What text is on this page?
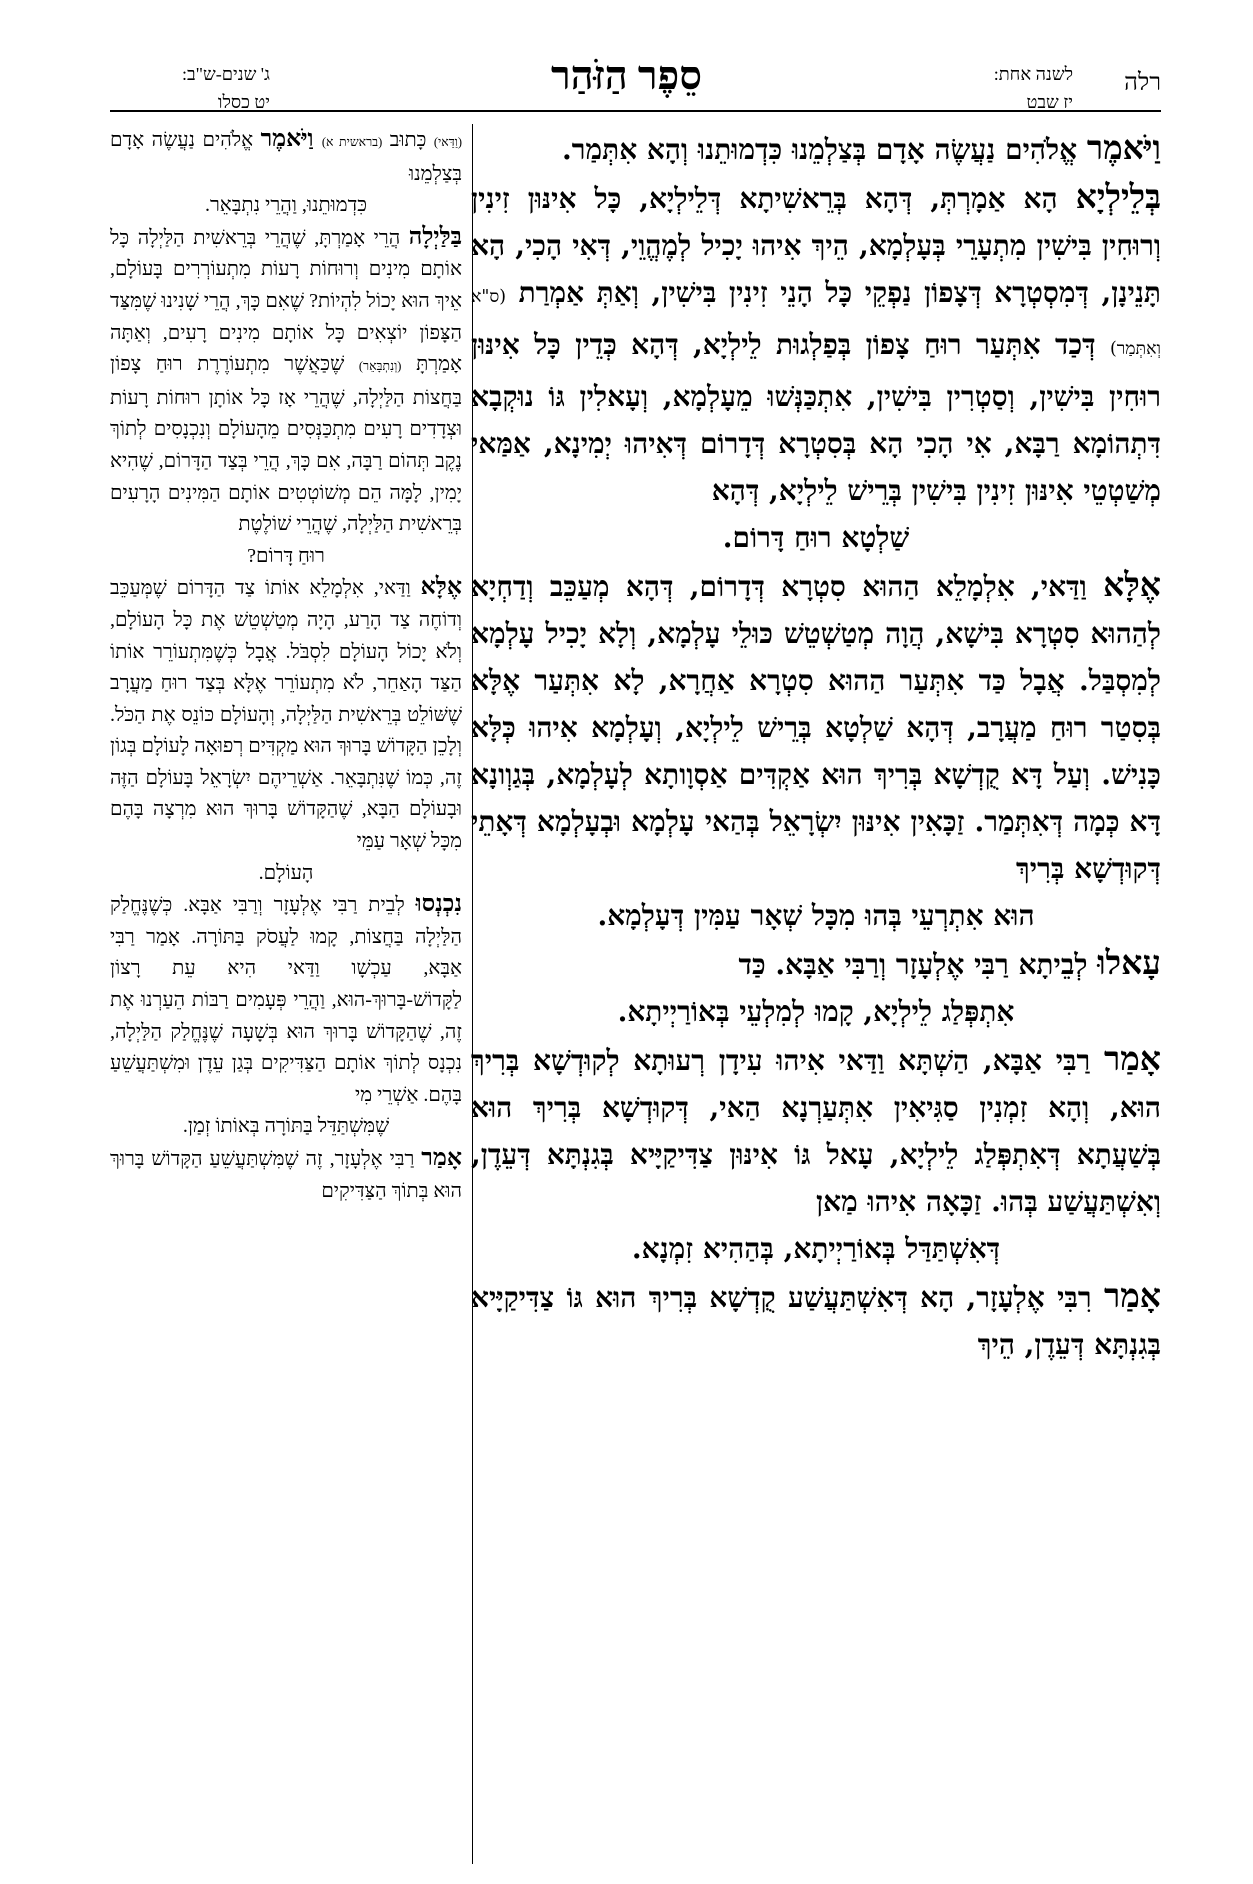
רלה
לשנה אחת:
יז שבט
סֵפֶר הַזֹּהַר
ג' שנים-ש"ב:
יט כסלו

וַיֹּאמֶר אֱלֹהִים נַעֲשֶׂה אָדָם בְּצַלְמֵנוּ כִּדְמוּתֵנוּ וְהָא אִתְּמַר.

בְּלֵילְיָא הָא אַמָרְתְּ, דְּהָא בְּרֵאשִׁיתָא דְּלֵילְיָא, כָּל אִינּוּן זִינִין וְרוּחִין בִּישִׁין מִתְעָרֵי בְּעָלְמָא, הֵיךְ אִיהוּ יָכִיל לְמֶהֱוֵי, דְּאִי הָכִי, הָא תָּנֵינָן, דְּמִסְטְרָא דְּצָפוֹן נַפְקֵי כָּל הָנֵי זִינִין בִּישִׁין, וְאַתְּ אַמְרַת (ס"א וְאִתְּמַר) דְּכַד אִתְּעַר רוּחַ צָפוֹן בְּפַלְגוּת לֵילְיָא, דְּהָא כְּדֵין כָּל אִינּוּן רוּחִין בִּישִׁין, וְסַטְרִין בִּישִׁין, אִתְכַּנְּשׁוּ מֵעָלְמָא, וְעָאלִין גּוֹ נוּקְבָא דִּתְהוֹמָא רַבָּא, אִי הָכִי הָא בְּסִטְרָא דְּדָרוֹם דְּאִיהוּ יְמִינָא, אַמַּאי מְשַׁטְטֵי אִינּוּן זִינִין בִּישִׁין בְּרֵישׁ לֵילְיָא, דְּהָא

שַׁלְטָא רוּחַ דָּרוֹם.

אֶלָּא וַדַּאי, אִלְמָלֵא הַהוּא סִטְרָא דְּדָרוֹם, דְּהָא מְעַכֵּב וְדַחְיָא לְהַהוּא סִטְרָא בִּישָׁא, הֲוָה מְטַשְׁטֵשׁ כּוּלֵי עָלְמָא, וְלָא יָכִיל עָלְמָא לְמִסְבַּל. אֲבָל כַּד אִתְּעַר הַהוּא סִטְרָא אַחֲרָא, לָא אִתְּעַר אֶלָּא בְּסִטַר רוּחַ מַעֲרָב, דְּהָא שַׁלְטָא בְּרֵישׁ לֵילְיָא, וְעָלְמָא אִיהוּ כְּלָּא כָּנִישׁ. וְעַל דָּא קֻדְשָׁא בְּרִיךְ הוּא אַקְדִּים אַסְוָותָא לְעָלְמָא, בְּגַוְונָא דָּא כְּמָה דְּאִתְּמַר. זַכָּאִין אִינּוּן יִשְׂרָאֵל בְּהַאי עָלְמָא וּבְעָלְמָא דְּאָתֵי דְּקוּדְשָׁא בְּרִיךְ

הוּא אִתְרְעֵי בְּהוּ מִכָּל שְׁאָר עַמִּין דְּעָלְמָא.

עָאלוּ לְבֵיתָא רַבִּי אֶלְעָזָר וְרַבִּי אַבָּא. כַּד

אִתְפְּלַג לֵילְיָא, קָמוּ לְמִלְעֵי בְּאוֹרַיְיתָא.

אָמַר רַבִּי אַבָּא, הַשְׁתָּא וַדַּאי אִיהוּ עִידָן רְעוּתָא לְקוּדְשָׁא בְּרִיךְ הוּא, וְהָא זִמְנִין סַגִּיאִין אִתְּעַרְנָא הַאי, דְּקוּדְשָׁא בְּרִיךְ הוּא בְּשַׁעֲתָא דְּאִתְפְּלַג לֵילְיָא, עָאל גּוֹ אִינּוּן צַדִּיקַיָּיא בְּגִנְתָּא דְּעֵדֶן, וְאִשְׁתַּעֲשַׁע בְּהוּ. זַכָּאָה אִיהוּ מַאן

דְּאִשְׁתַּדַּל בְּאוֹרַיְיתָא, בְּהַהִיא זִמְנָא.

אָמַר רִבִּי אֶלְעָזָר, הָא דְּאִשְׁתַּעֲשַׁע קֻדְשָׁא בְּרִיךְ הוּא גּוֹ צַדִּיקַיָּיא בְּגִנְתָּא דְּעֵדֶן, הֵיךְ

(וַדַּאי) כָּתוּב (בראשית א) וַיֹּאמֶר אֱלֹהִים נַעֲשֶׂה אָדָם בְּצַלְמֵנוּ

כִּדְמוּתֵנוּ, וַהֲרֵי נִתְבָּאֵר.

בַּלַּיְלָה הֲרֵי אָמַרְתָּ, שֶׁהֲרֵי בְּרֵאשִׁית הַלַּיְלָה כָּל אוֹתָם מִינִים וְרוּחוֹת רָעוֹת מִתְעוֹרְרִים בָּעוֹלָם, אֵיךְ הוּא יָכוֹל לִהְיוֹת? שֶׁאִם כָּךְ, הֲרֵי שָׁנִינוּ שֶׁמִּצַּד הַצָּפוֹן יוֹצְאִים כָּל אוֹתָם מִינִים רָעִים, וְאַתָּה אָמַרְתָּ (וְנִתְבָּאֵר) שֶׁכַּאֲשֶׁר מִתְעוֹרֶרֶת רוּחַ צָפוֹן בַּחֲצוֹת הַלַּיְלָה, שֶׁהֲרֵי אָז כָּל אוֹתָן רוּחוֹת רָעוֹת וּצְדָדִים רָעִים מִתְכַּנְּסִים מֵהָעוֹלָם וְנִכְנָסִים לְתוֹךְ נֶקֶב תְּהוֹם רַבָּה, אִם כָּךְ, הֲרֵי בְּצַד הַדָּרוֹם, שֶׁהִיא יָמִין, לָמָּה הֵם מְשׁוֹטְטִים אוֹתָם הַמִּינִים הָרָעִים בְּרֵאשִׁית הַלַּיְלָה, שֶׁהֲרֵי שׁוֹלֶטֶת

רוּחַ דָּרוֹם?

אֶלָּא וַדַּאי, אִלְמָלֵא אוֹתוֹ צַד הַדָּרוֹם שֶׁמְּעַכֵּב וְדוֹחֶה צַד הָרַע, הָיָה מְטַשְׁטֵשׁ אֶת כָּל הָעוֹלָם, וְלֹא יָכוֹל הָעוֹלָם לִסְבֹּל. אֲבָל כְּשֶׁמִּתְעוֹרֵר אוֹתוֹ הַצַּד הָאַחֵר, לֹא מִתְעוֹרֵר אֶלָּא בְּצַד רוּחַ מַעֲרָב שֶׁשּׁוֹלֵט בְּרֵאשִׁית הַלַּיְלָה, וְהָעוֹלָם כּוֹנֵס אֶת הַכֹּל. וְלָכֵן הַקָּדוֹשׁ בָּרוּךְ הוּא מַקְדִּים רְפוּאָה לָעוֹלָם בְּגוֹן זֶה, כְּמוֹ שֶׁנִּתְבָּאֵר. אַשְׁרֵיהֶם יִשְׂרָאֵל בָּעוֹלָם הַזֶּה וּבָעוֹלָם הַבָּא, שֶׁהַקָּדוֹשׁ בָּרוּךְ הוּא מִרְצָה בָּהֶם מִכָּל שְׁאָר עַמֵּי

הָעוֹלָם.

נִכְנְסוּ לְבֵית רַבִּי אֶלְעָזָר וְרַבִּי אַבָּא. כְּשֶׁנֶּחֱלַק הַלַּיְלָה בַּחֲצוֹת, קָמוּ לַעֲסֹק בַּתּוֹרָה. אָמַר רַבִּי אַבָּא, עַכְשָׁו וַדַּאי הִיא עֵת רָצוֹן לַקָּדוֹשׁ-בָּרוּךְ-הוּא, וַהֲרֵי פְּעָמִים רַבּוֹת הֵעַרְנוּ אֶת זֶה, שֶׁהַקָּדוֹשׁ בָּרוּךְ הוּא בְּשָׁעָה שֶׁנֶּחֱלַק הַלַּיְלָה, נִכְנָס לְתוֹךְ אוֹתָם הַצַּדִּיקִים בְּגַן עֵדֶן וּמִשְׁתַּעֲשֵׁעַ בָּהֶם. אַשְׁרֵי מִי

שֶׁמִּשְׁתַּדֵּל בַּתּוֹרָה בְּאוֹתוֹ זְמַן.

אָמַר רַבִּי אֶלְעָזָר, זֶה שֶׁמִּשְׁתַּעֲשֵׁעַ הַקָּדוֹשׁ בָּרוּךְ הוּא בְּתוֹךְ הַצַּדִּיקִים
